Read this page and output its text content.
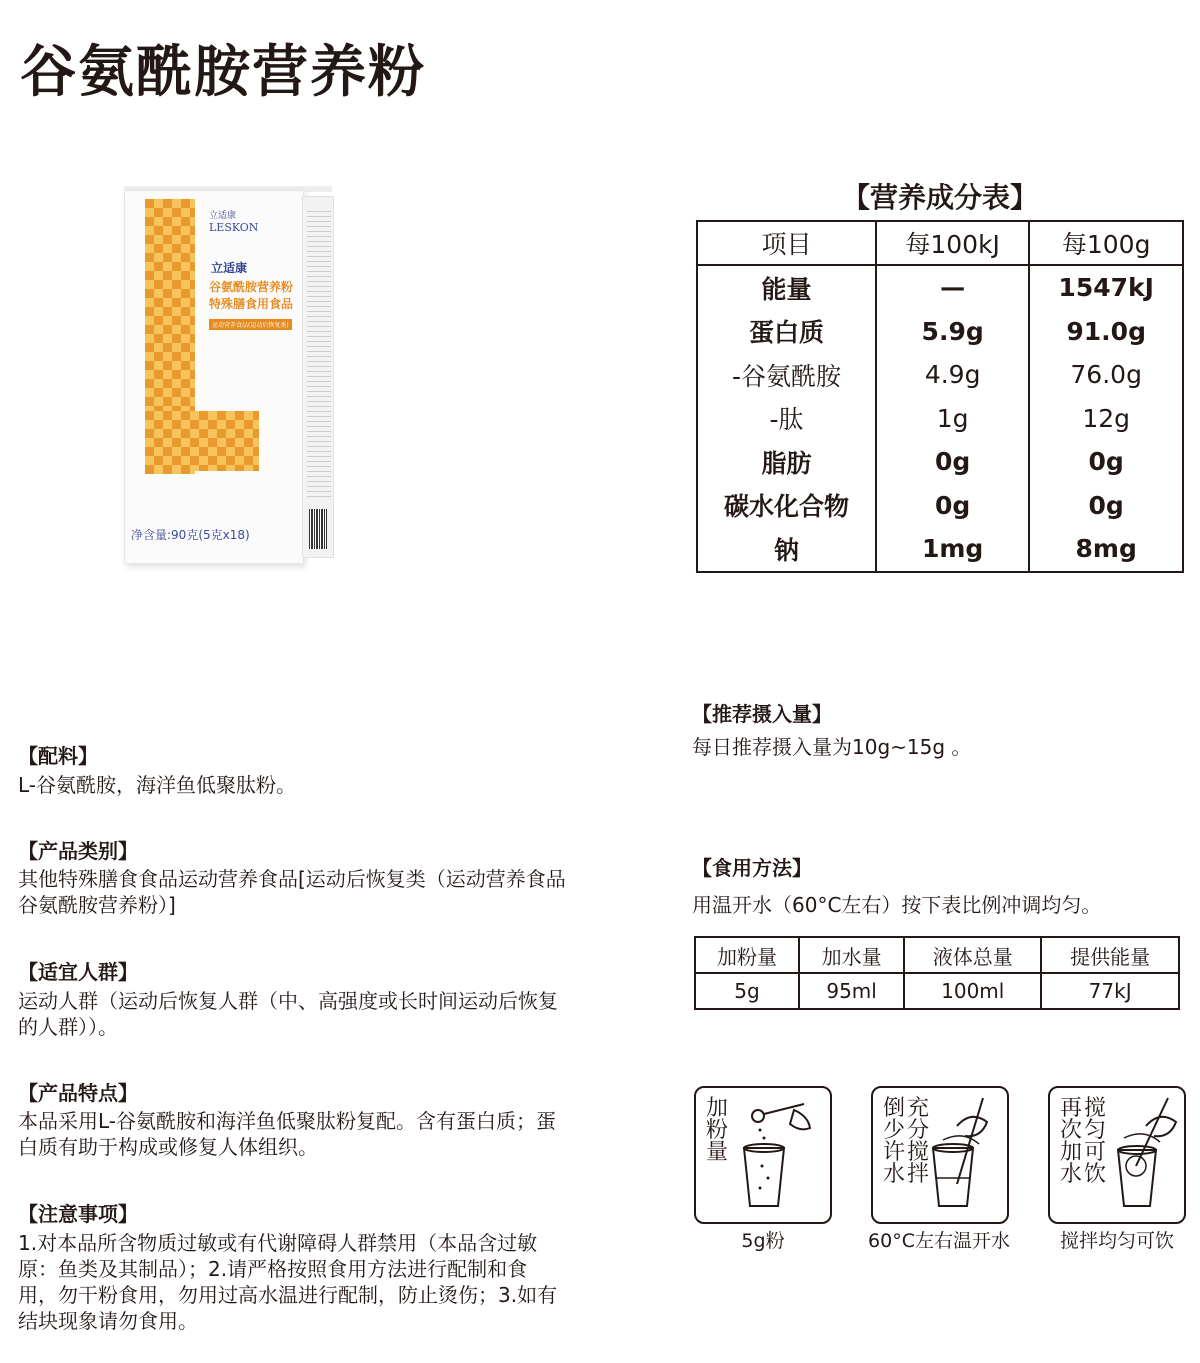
谷氨酰胺营养粉
立适康
LESKON
立适康
谷氨酰胺营养粉
特殊膳食用食品
运动营养食品(运动后恢复类)
净含量:90克(5克x18)
【营养成分表】
项目	每100kJ	每100g
能量	—	1547kJ
蛋白质	5.9g	91.0g
-谷氨酰胺	4.9g	76.0g
-肽	1g	12g
脂肪	0g	0g
碳水化合物	0g	0g
钠	1mg	8mg
【推荐摄入量】
每日推荐摄入量为10g~15g 。
【食用方法】
用温开水（60°C左右）按下表比例冲调均匀。
加粉量	加水量	液体总量	提供能量
5g	95ml	100ml	77kJ
加
粉
量
5g粉
倒
少
许
水
充
分
搅
拌
60°C左右温开水
再
次
加
水
搅
匀
可
饮
搅拌均匀可饮
【配料】
L-谷氨酰胺，海洋鱼低聚肽粉。
【产品类别】
其他特殊膳食食品运动营养食品[运动后恢复类（运动营养食品
谷氨酰胺营养粉）]
【适宜人群】
运动人群（运动后恢复人群（中、高强度或长时间运动后恢复
的人群））。
【产品特点】
本品采用L-谷氨酰胺和海洋鱼低聚肽粉复配。含有蛋白质；蛋
白质有助于构成或修复人体组织。
【注意事项】
1.对本品所含物质过敏或有代谢障碍人群禁用（本品含过敏
原：鱼类及其制品）；2.请严格按照食用方法进行配制和食
用，勿干粉食用，勿用过高水温进行配制，防止烫伤；3.如有
结块现象请勿食用。
